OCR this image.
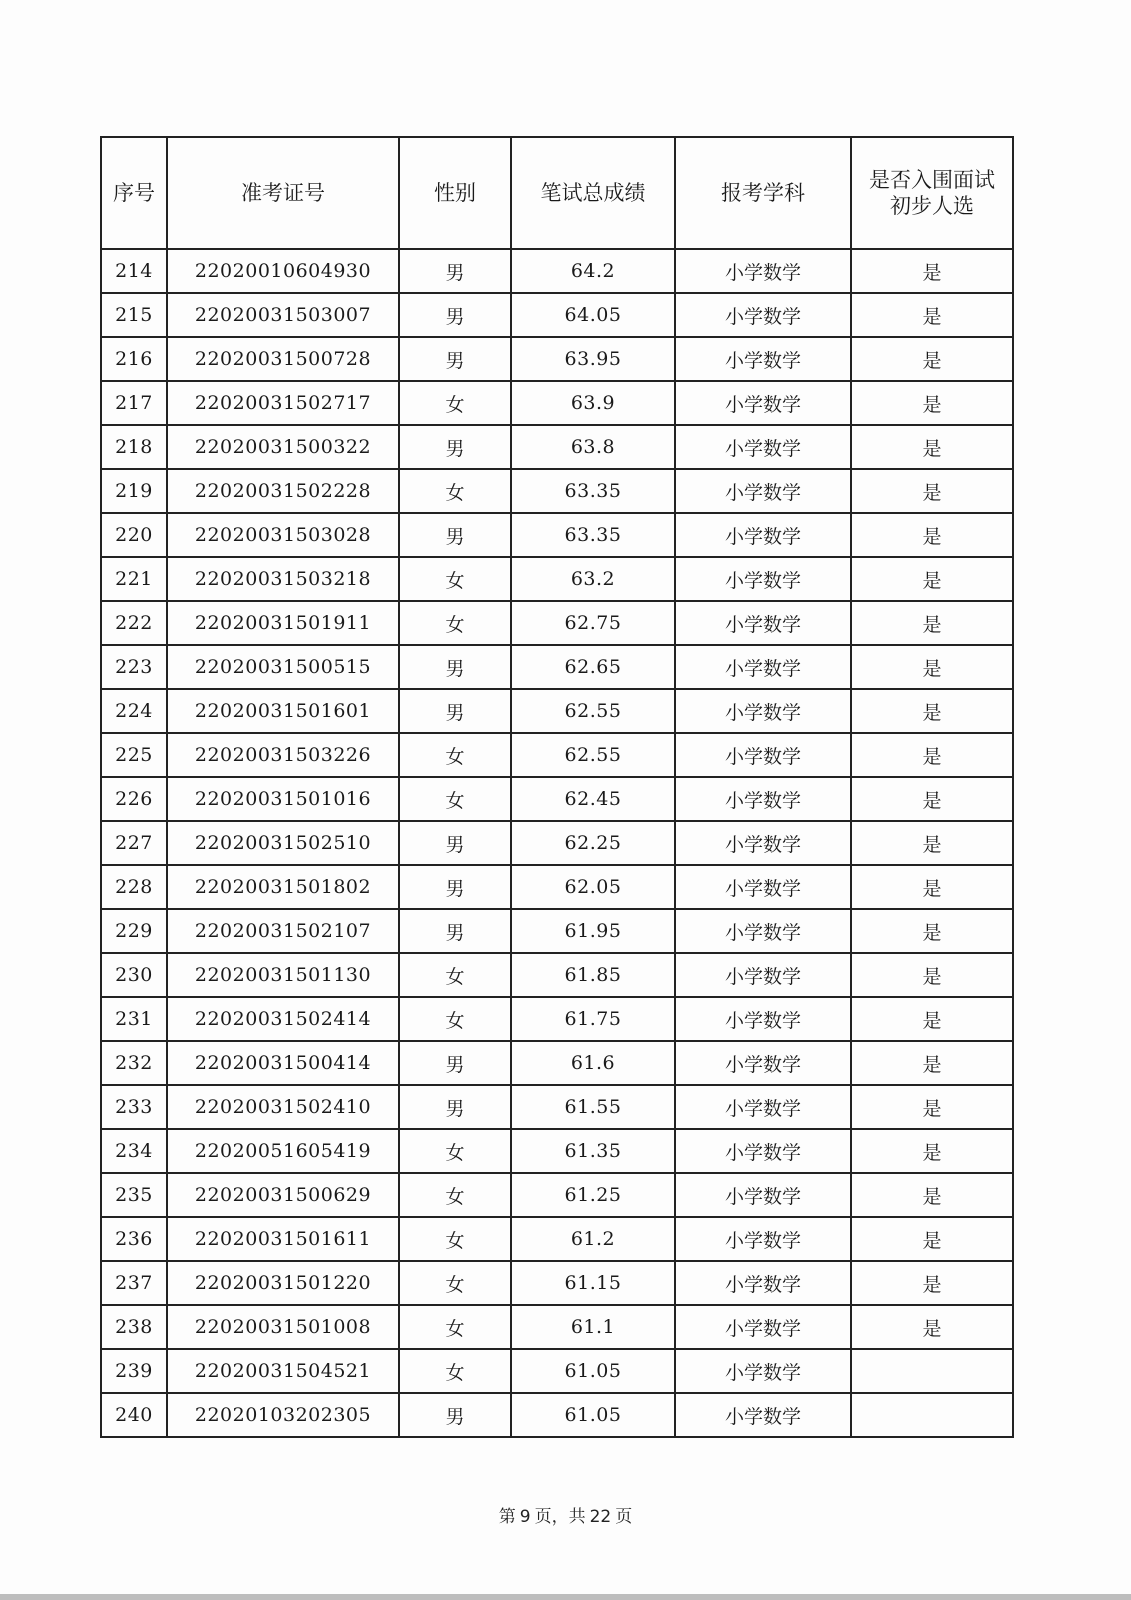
序号	准考证号	性别	笔试总成绩	报考学科	是否入围面试初步人选
214	22020010604930	男	64.2	小学数学	是
215	22020031503007	男	64.05	小学数学	是
216	22020031500728	男	63.95	小学数学	是
217	22020031502717	女	63.9	小学数学	是
218	22020031500322	男	63.8	小学数学	是
219	22020031502228	女	63.35	小学数学	是
220	22020031503028	男	63.35	小学数学	是
221	22020031503218	女	63.2	小学数学	是
222	22020031501911	女	62.75	小学数学	是
223	22020031500515	男	62.65	小学数学	是
224	22020031501601	男	62.55	小学数学	是
225	22020031503226	女	62.55	小学数学	是
226	22020031501016	女	62.45	小学数学	是
227	22020031502510	男	62.25	小学数学	是
228	22020031501802	男	62.05	小学数学	是
229	22020031502107	男	61.95	小学数学	是
230	22020031501130	女	61.85	小学数学	是
231	22020031502414	女	61.75	小学数学	是
232	22020031500414	男	61.6	小学数学	是
233	22020031502410	男	61.55	小学数学	是
234	22020051605419	女	61.35	小学数学	是
235	22020031500629	女	61.25	小学数学	是
236	22020031501611	女	61.2	小学数学	是
237	22020031501220	女	61.15	小学数学	是
238	22020031501008	女	61.1	小学数学	是
239	22020031504521	女	61.05	小学数学	
240	22020103202305	男	61.05	小学数学	
第 9 页，共 22 页
